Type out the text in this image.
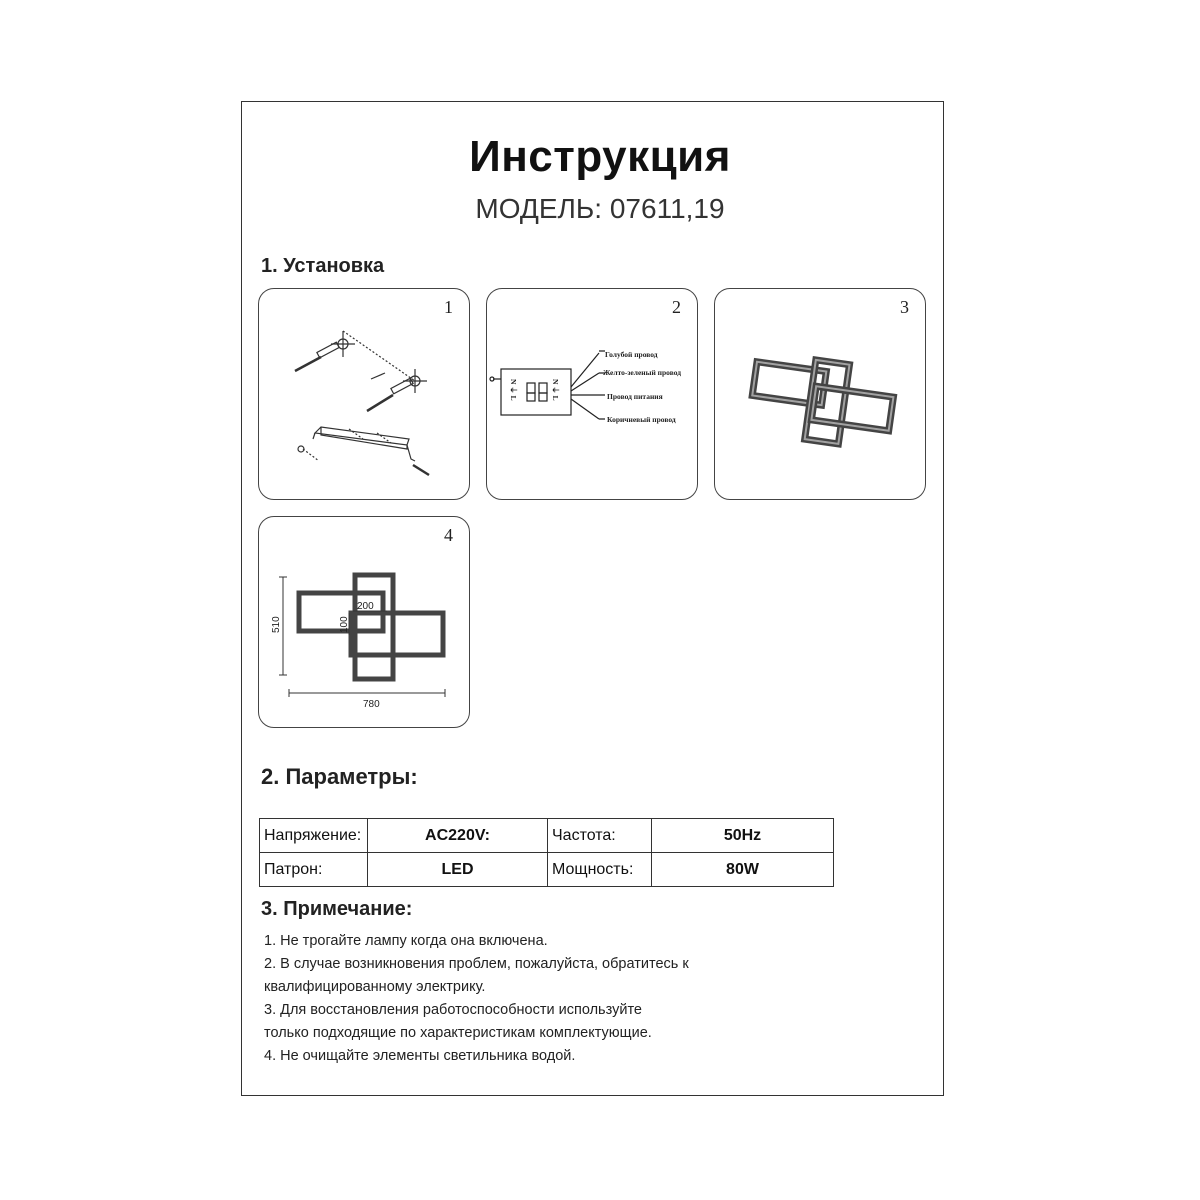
Инструкция
МОДЕЛЬ: 07611,19
1. Установка
1	2
N ⏚ L	N ⏚ L
Голубой провод
Желто-зеленый провод
Провод питания
Коричневый провод
3
4
510
780
200
100
2. Параметры:
Напряжение:	AC220V:	Частота:	50Hz
Патрон:	LED	Мощность:	80W
3. Примечание:
1. Не трогайте лампу когда она включена.
2. В случае возникновения проблем, пожалуйста, обратитесь к
квалифицированному электрику.
3. Для восстановления работоспособности используйте
только подходящие по характеристикам комплектующие.
4. Не очищайте элементы светильника водой.
